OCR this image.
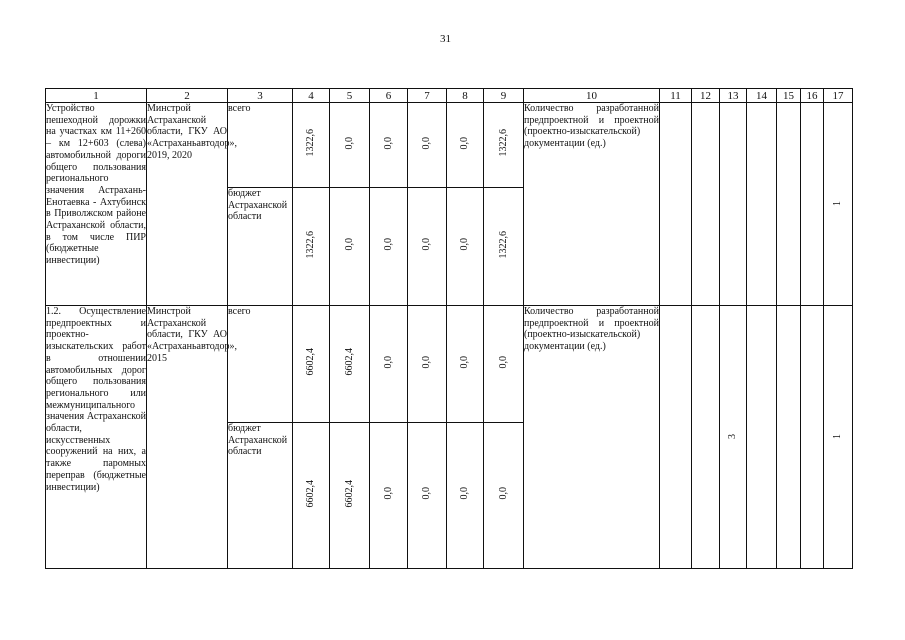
31
1	2	3	4	5	6	7	8	9	10	11	12	13	14	15	16	17
Устройство пешеходной дорожки на участках км 11+260 – км 12+603 (слева) автомобильной дороги общего пользования регионального значения Астрахань-Енотаевка - Ахтубинск в Приволжском районе Астраханской области, в том числе ПИР (бюджетные инвестиции)	Минстрой Астраханской области, ГКУ АО «Астраханьавтодор», 2019, 2020	всего	1322,6	0,0	0,0	0,0	0,0	1322,6	Количество разработанной предпроектной и проектной (проектно-изыскательской) документации (ед.)							1
		бюджет Астраханской области	1322,6	0,0	0,0	0,0	0,0	1322,6								
1.2. Осуществление предпроектных и проектно-изыскательских работ в отношении автомобильных дорог общего пользования регионального или межмуниципального значения Астраханской области, искусственных сооружений на них, а также паромных переправ (бюджетные инвестиции)	Минстрой Астраханской области, ГКУ АО «Астраханьавтодор», 2015	всего	6602,4	6602,4	0,0	0,0	0,0	0,0	Количество разработанной предпроектной и проектной (проектно-изыскательской) документации (ед.)			3				1
		бюджет Астраханской области	6602,4	6602,4	0,0	0,0	0,0	0,0								
